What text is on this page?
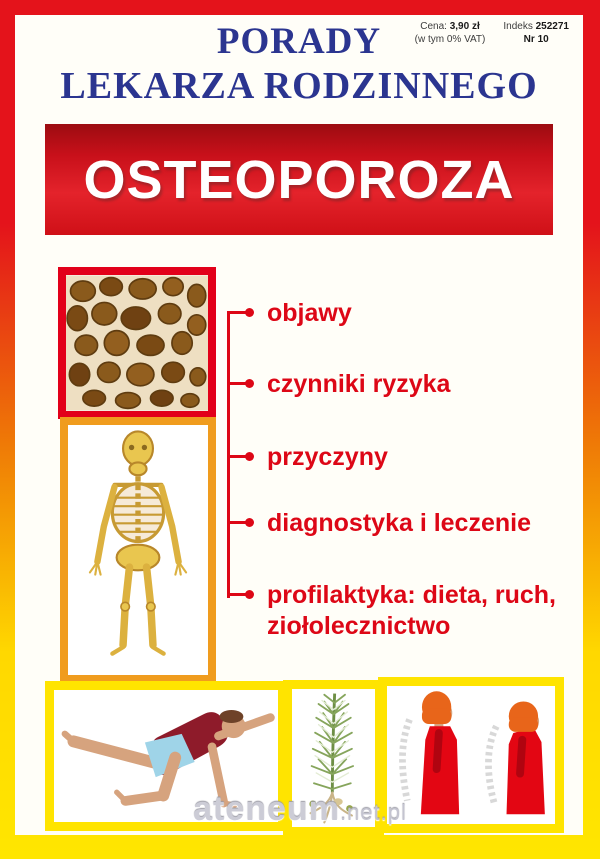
Cena: 3,90 zł
(w tym 0% VAT)
Indeks 252271
Nr 10
PORADY
LEKARZA RODZINNEGO
OSTEOPOROZA
objawy
czynniki ryzyka
przyczyny
diagnostyka i leczenie
profilaktyka: dieta, ruch, ziołolecznictwo
ateneum.net.pl
